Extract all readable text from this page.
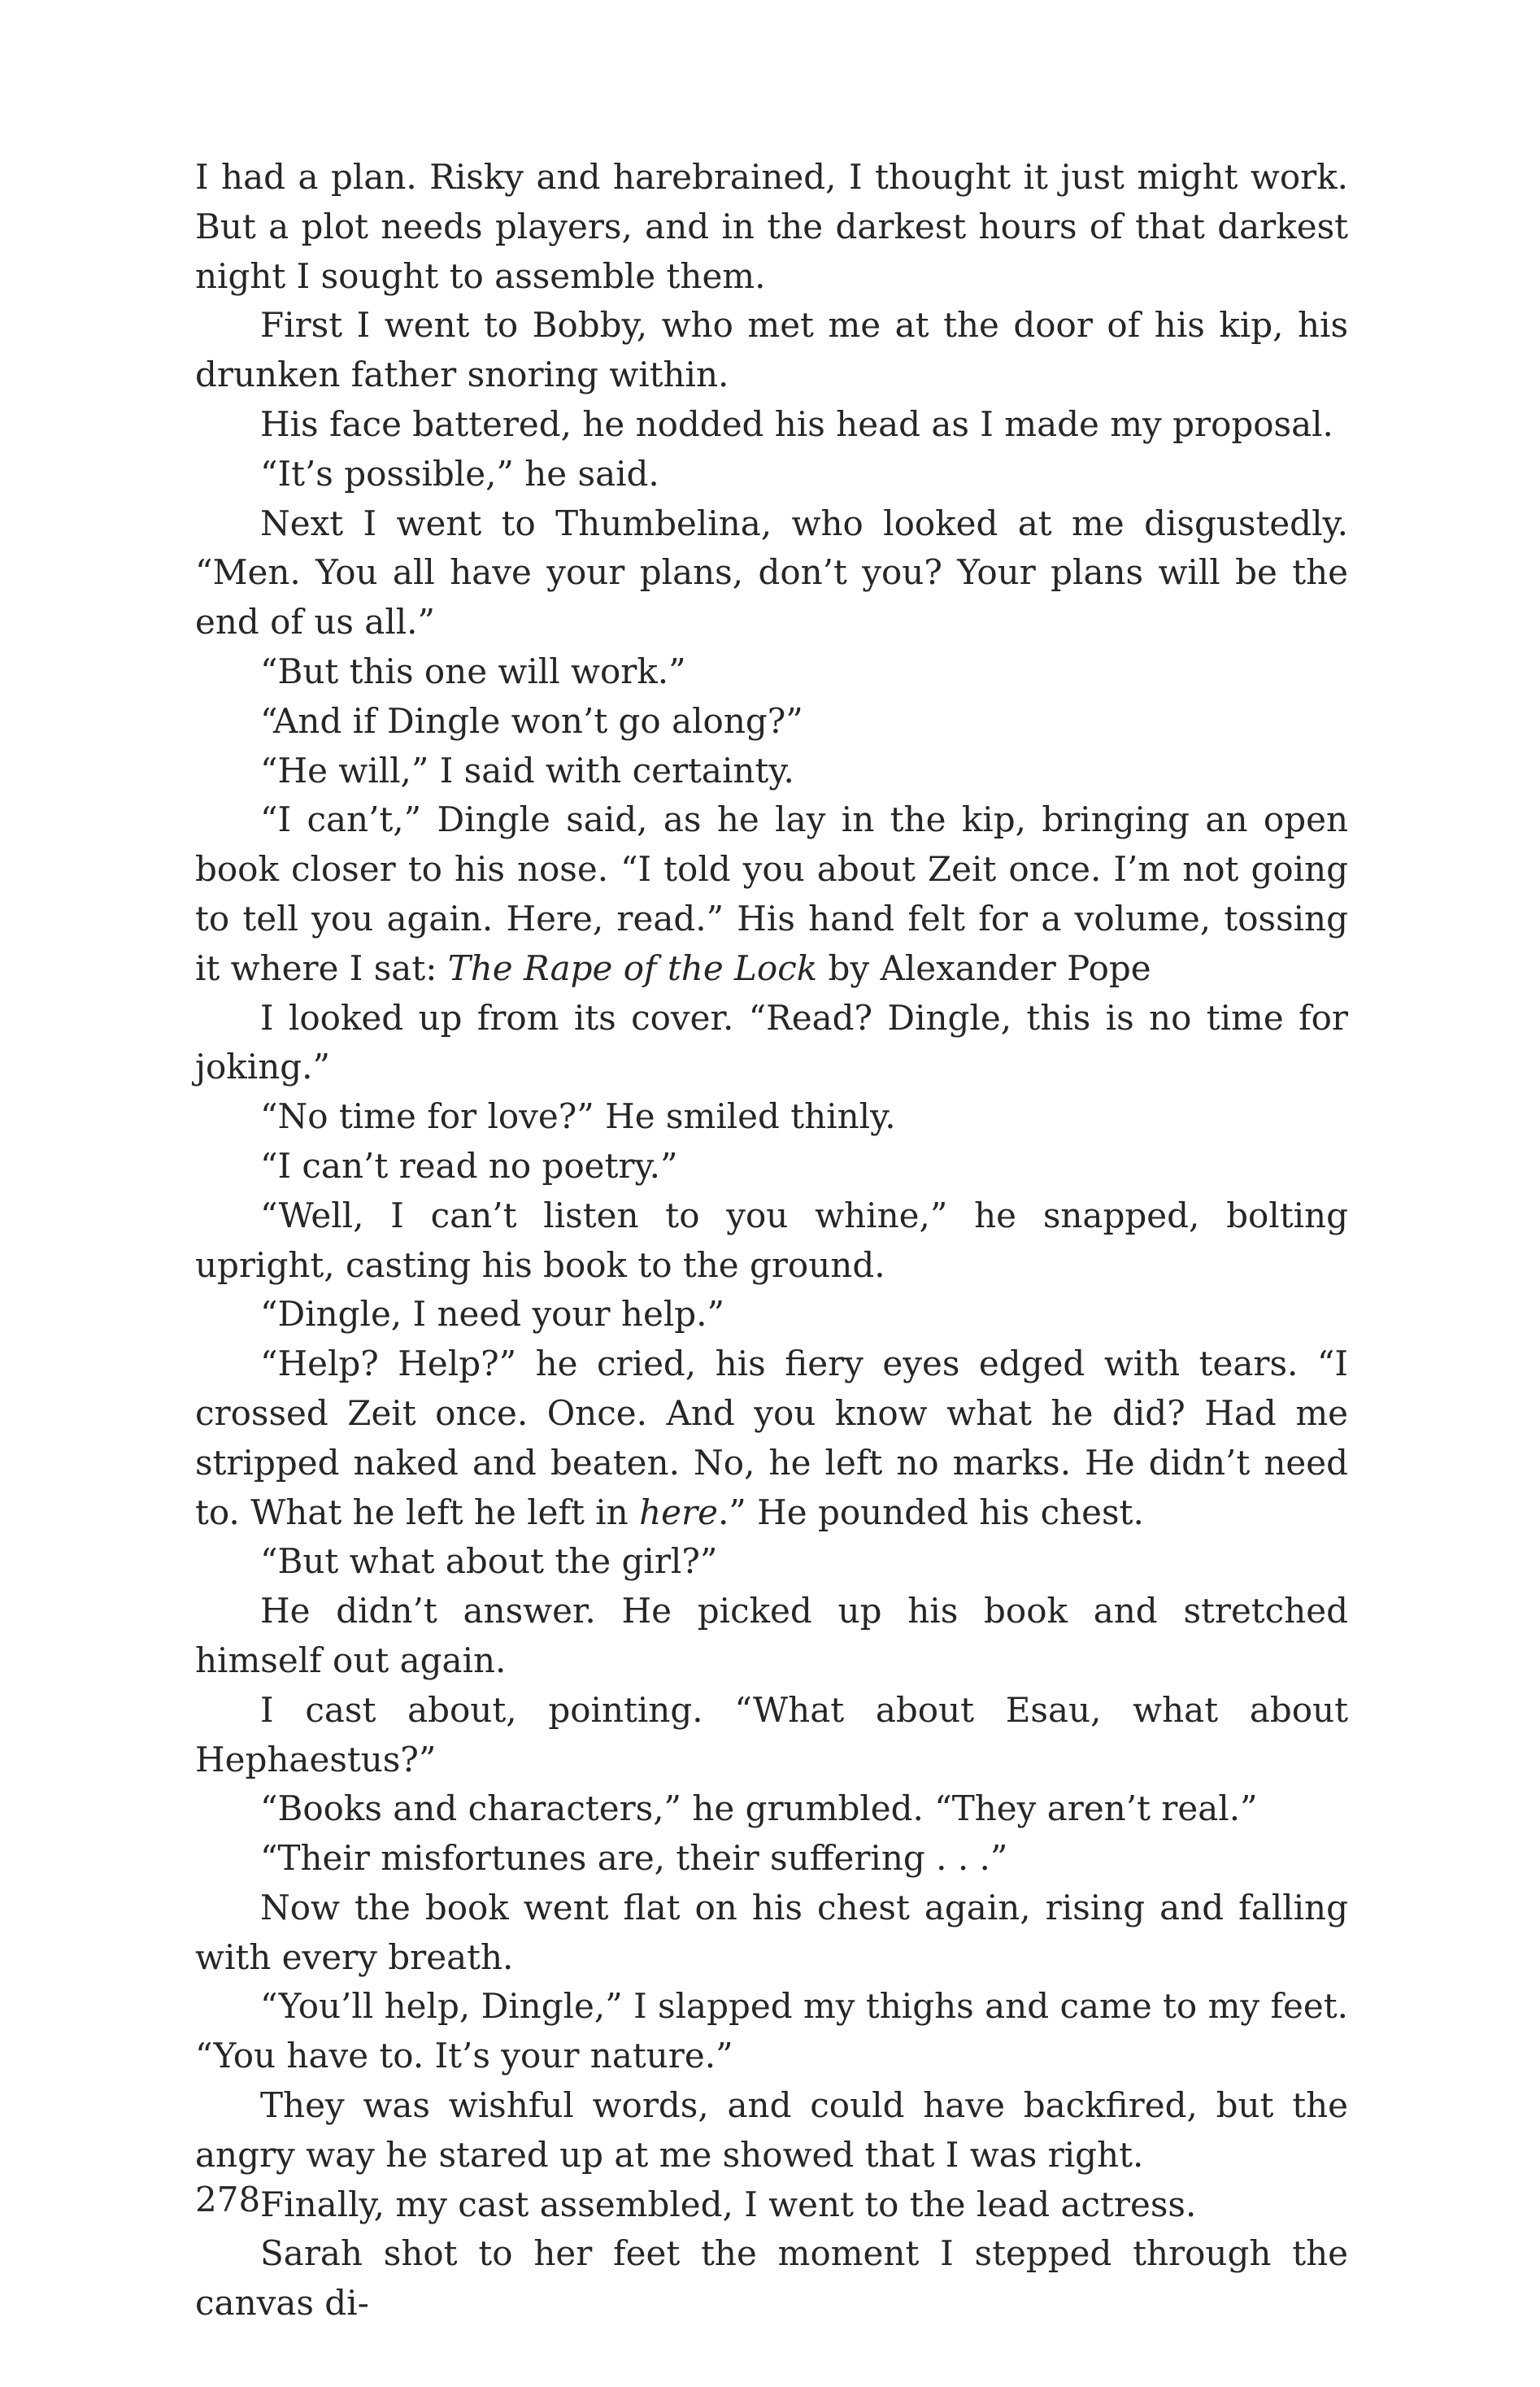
I had a plan. Risky and harebrained, I thought it just might work. But a plot needs players, and in the darkest hours of that darkest night I sought to assemble them.

First I went to Bobby, who met me at the door of his kip, his drunken father snoring within.

His face battered, he nodded his head as I made my proposal.

“It’s possible,” he said.

Next I went to Thumbelina, who looked at me disgustedly. “Men. You all have your plans, don’t you? Your plans will be the end of us all.”

“But this one will work.”

“And if Dingle won’t go along?”

“He will,” I said with certainty.

“I can’t,” Dingle said, as he lay in the kip, bringing an open book closer to his nose. “I told you about Zeit once. I’m not going to tell you again. Here, read.” His hand felt for a volume, tossing it where I sat: The Rape of the Lock by Alexander Pope

I looked up from its cover. “Read? Dingle, this is no time for joking.”

“No time for love?” He smiled thinly.

“I can’t read no poetry.”

“Well, I can’t listen to you whine,” he snapped, bolting upright, casting his book to the ground.

“Dingle, I need your help.”

“Help? Help?” he cried, his fiery eyes edged with tears. “I crossed Zeit once. Once. And you know what he did? Had me stripped naked and beaten. No, he left no marks. He didn’t need to. What he left he left in here.” He pounded his chest.

“But what about the girl?”

He didn’t answer. He picked up his book and stretched himself out again.

I cast about, pointing. “What about Esau, what about Hephaestus?”

“Books and characters,” he grumbled. “They aren’t real.”

“Their misfortunes are, their suffering . . .”

Now the book went flat on his chest again, rising and falling with every breath.

“You’ll help, Dingle,” I slapped my thighs and came to my feet. “You have to. It’s your nature.”

They was wishful words, and could have backfired, but the angry way he stared up at me showed that I was right.

Finally, my cast assembled, I went to the lead actress.

Sarah shot to her feet the moment I stepped through the canvas di-

278
